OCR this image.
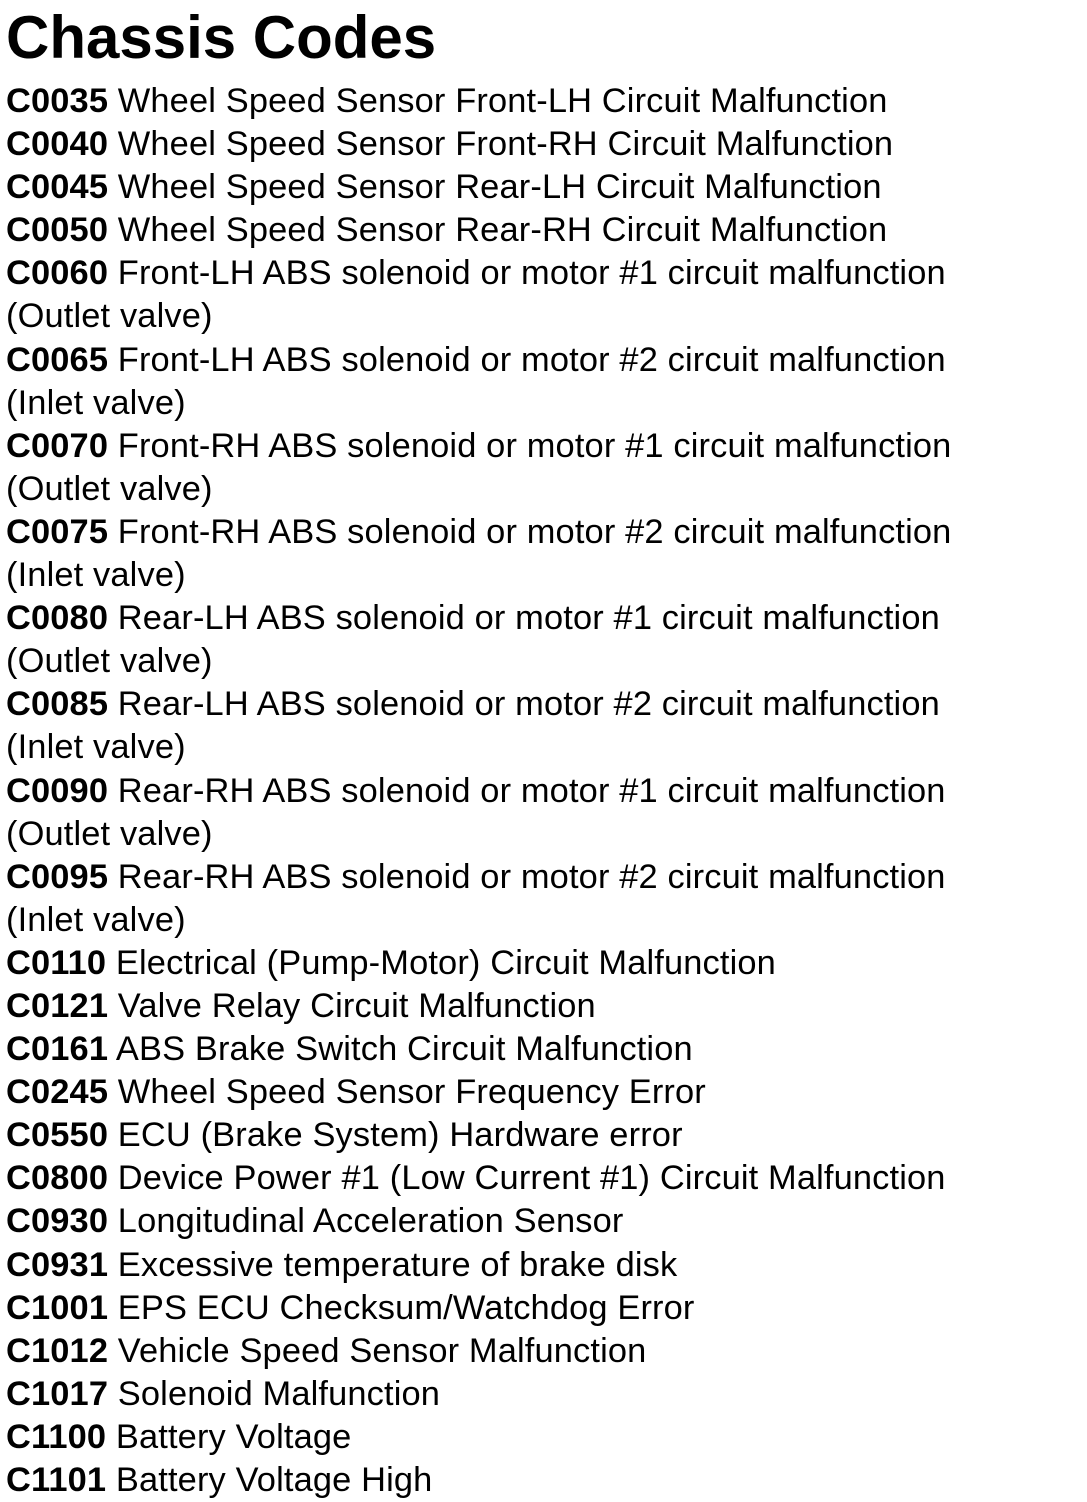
Chassis Codes
C0035 Wheel Speed Sensor Front-LH Circuit Malfunction
C0040 Wheel Speed Sensor Front-RH Circuit Malfunction
C0045 Wheel Speed Sensor Rear-LH Circuit Malfunction
C0050 Wheel Speed Sensor Rear-RH Circuit Malfunction
C0060 Front-LH ABS solenoid or motor #1 circuit malfunction
(Outlet valve)
C0065 Front-LH ABS solenoid or motor #2 circuit malfunction
(Inlet valve)
C0070 Front-RH ABS solenoid or motor #1 circuit malfunction
(Outlet valve)
C0075 Front-RH ABS solenoid or motor #2 circuit malfunction
(Inlet valve)
C0080 Rear-LH ABS solenoid or motor #1 circuit malfunction
(Outlet valve)
C0085 Rear-LH ABS solenoid or motor #2 circuit malfunction
(Inlet valve)
C0090 Rear-RH ABS solenoid or motor #1 circuit malfunction
(Outlet valve)
C0095 Rear-RH ABS solenoid or motor #2 circuit malfunction
(Inlet valve)
C0110 Electrical (Pump-Motor) Circuit Malfunction
C0121 Valve Relay Circuit Malfunction
C0161 ABS Brake Switch Circuit Malfunction
C0245 Wheel Speed Sensor Frequency Error
C0550 ECU (Brake System) Hardware error
C0800 Device Power #1 (Low Current #1) Circuit Malfunction
C0930 Longitudinal Acceleration Sensor
C0931 Excessive temperature of brake disk
C1001 EPS ECU Checksum/Watchdog Error
C1012 Vehicle Speed Sensor Malfunction
C1017 Solenoid Malfunction
C1100 Battery Voltage
C1101 Battery Voltage High
